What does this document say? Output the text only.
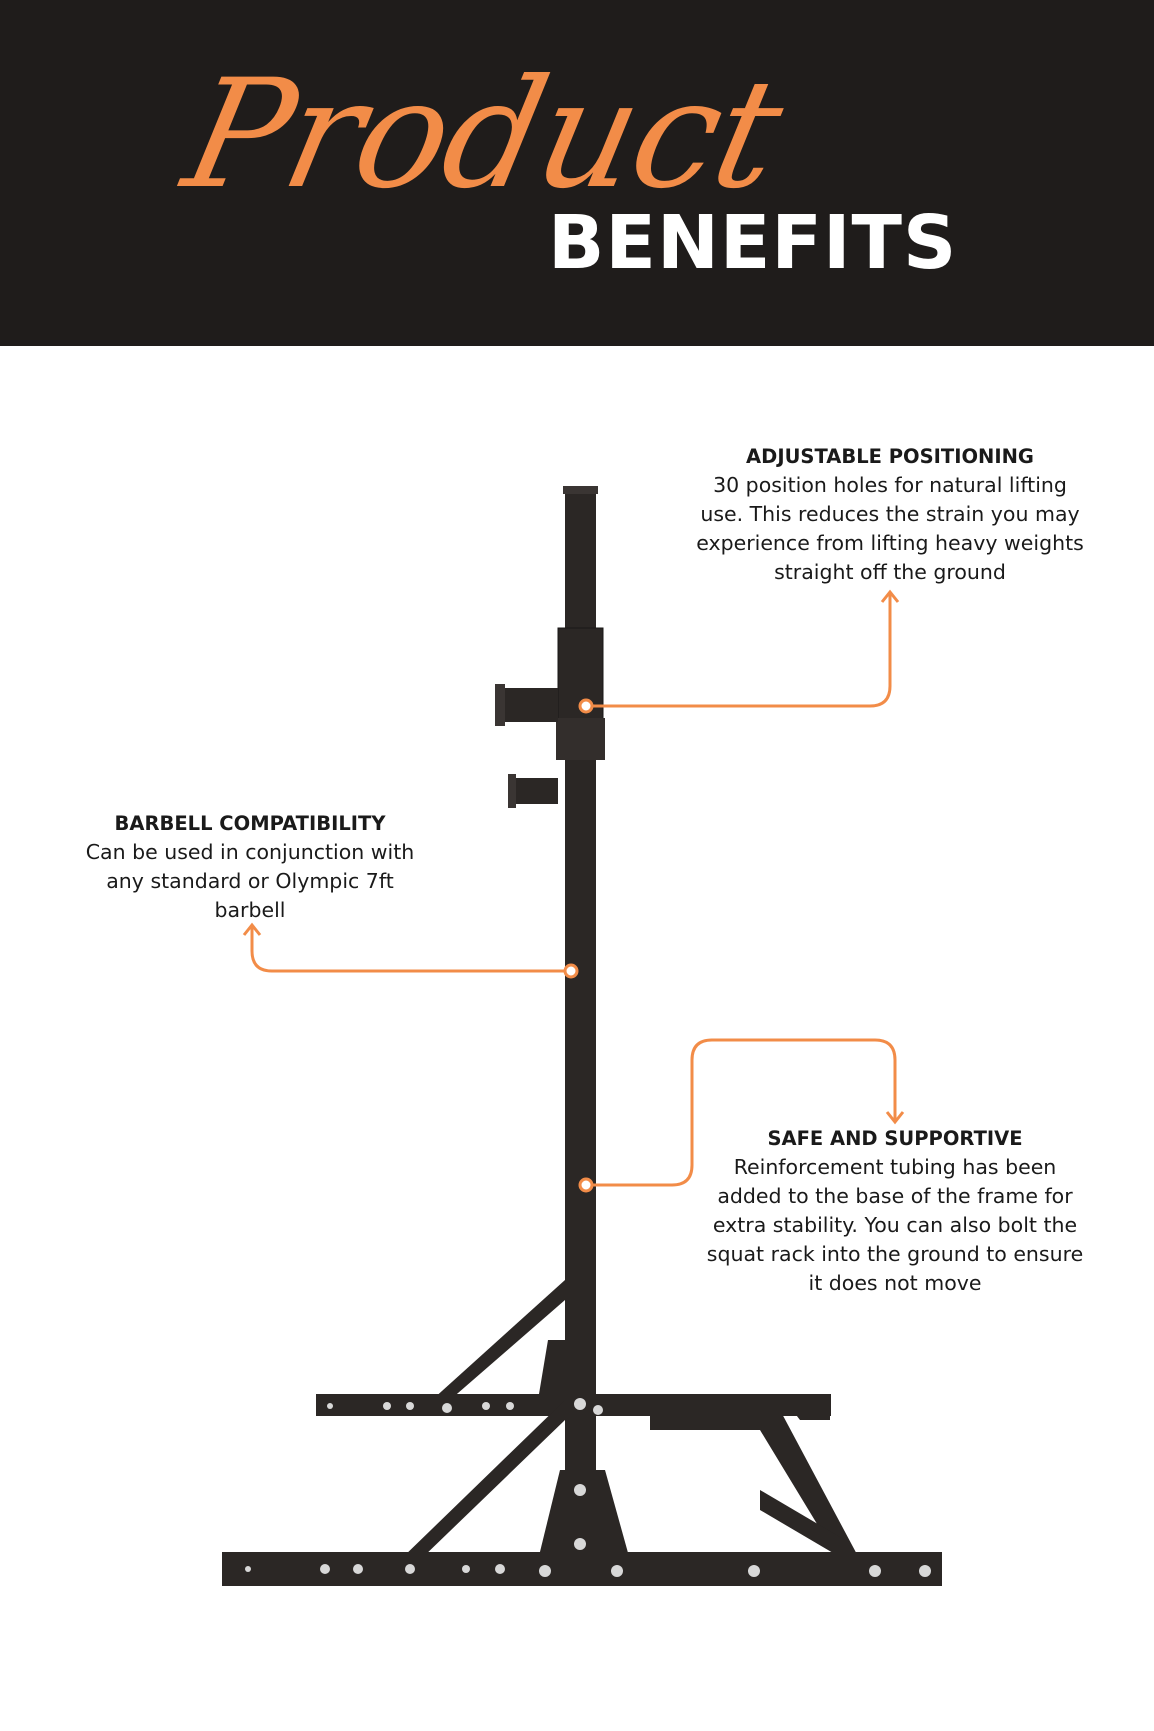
Product
BENEFITS
ADJUSTABLE POSITIONING
30 position holes for natural lifting use. This reduces the strain you may experience from lifting heavy weights straight off the ground
BARBELL COMPATIBILITY
Can be used in conjunction with any standard or Olympic 7ft barbell
SAFE AND SUPPORTIVE
Reinforcement tubing has been added to the base of the frame for extra stability. You can also bolt the squat rack into the ground to ensure it does not move
